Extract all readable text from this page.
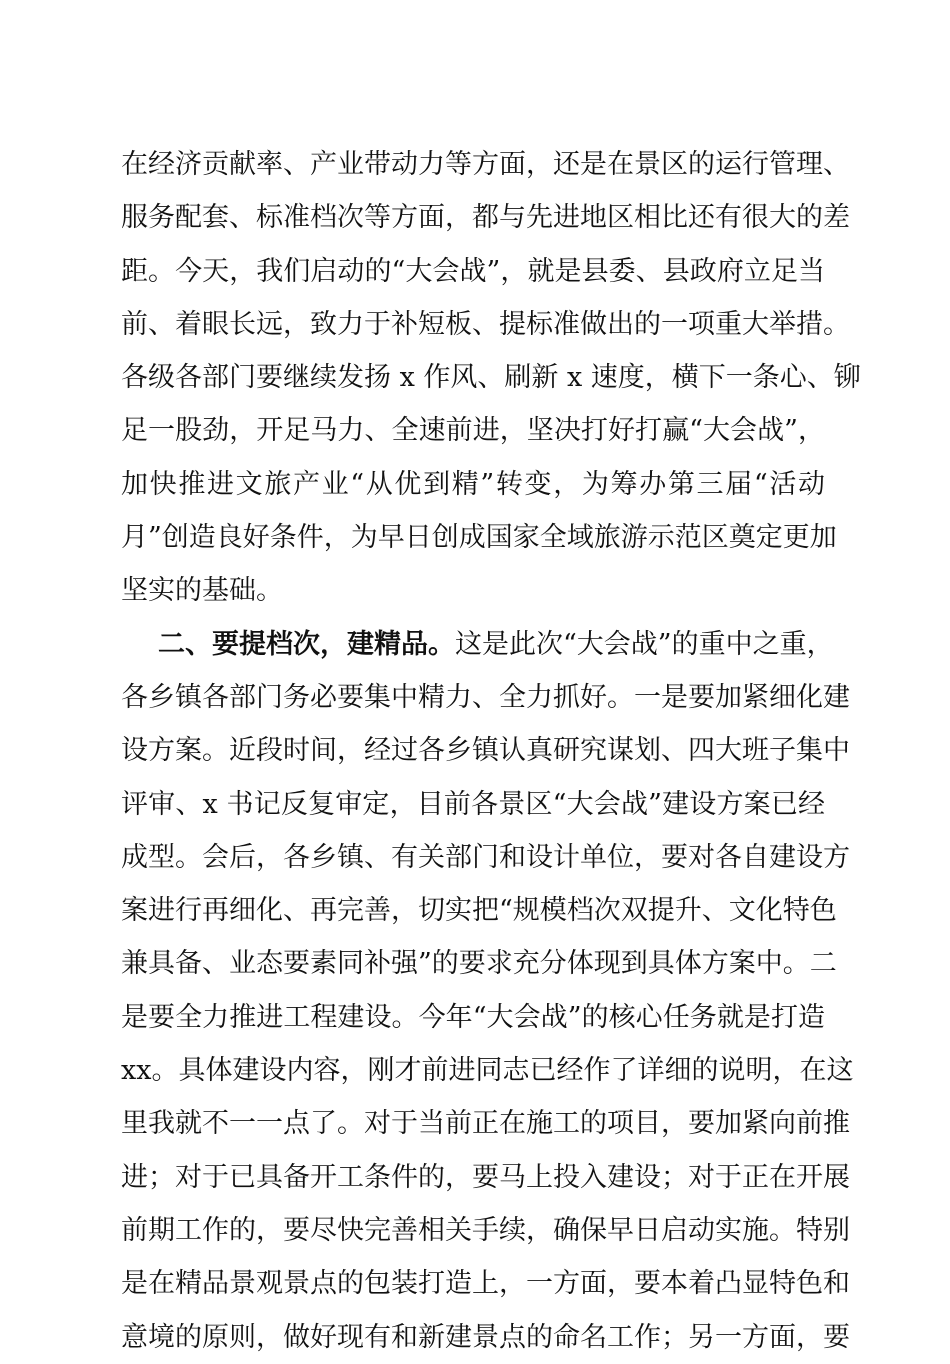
在经济贡献率、产业带动力等方面，还是在景区的运行管理、
服务配套、标准档次等方面，都与先进地区相比还有很大的差
距。今天，我们启动的“大会战”，就是县委、县政府立足当
前、着眼长远，致力于补短板、提标准做出的一项重大举措。
各级各部门要继续发扬 x 作风、刷新 x 速度，横下一条心、铆
足一股劲，开足马力、全速前进，坚决打好打赢“大会战”，
加快推进文旅产业“从优到精”转变，为筹办第三届“活动
月”创造良好条件，为早日创成国家全域旅游示范区奠定更加
坚实的基础。
二、要提档次，建精品。这是此次“大会战”的重中之重，
各乡镇各部门务必要集中精力、全力抓好。一是要加紧细化建
设方案。近段时间，经过各乡镇认真研究谋划、四大班子集中
评审、x 书记反复审定，目前各景区“大会战”建设方案已经
成型。会后，各乡镇、有关部门和设计单位，要对各自建设方
案进行再细化、再完善，切实把“规模档次双提升、文化特色
兼具备、业态要素同补强”的要求充分体现到具体方案中。二
是要全力推进工程建设。今年“大会战”的核心任务就是打造
xx。具体建设内容，刚才前进同志已经作了详细的说明，在这
里我就不一一点了。对于当前正在施工的项目，要加紧向前推
进；对于已具备开工条件的，要马上投入建设；对于正在开展
前期工作的，要尽快完善相关手续，确保早日启动实施。特别
是在精品景观景点的包装打造上，一方面，要本着凸显特色和
意境的原则，做好现有和新建景点的命名工作；另一方面，要
